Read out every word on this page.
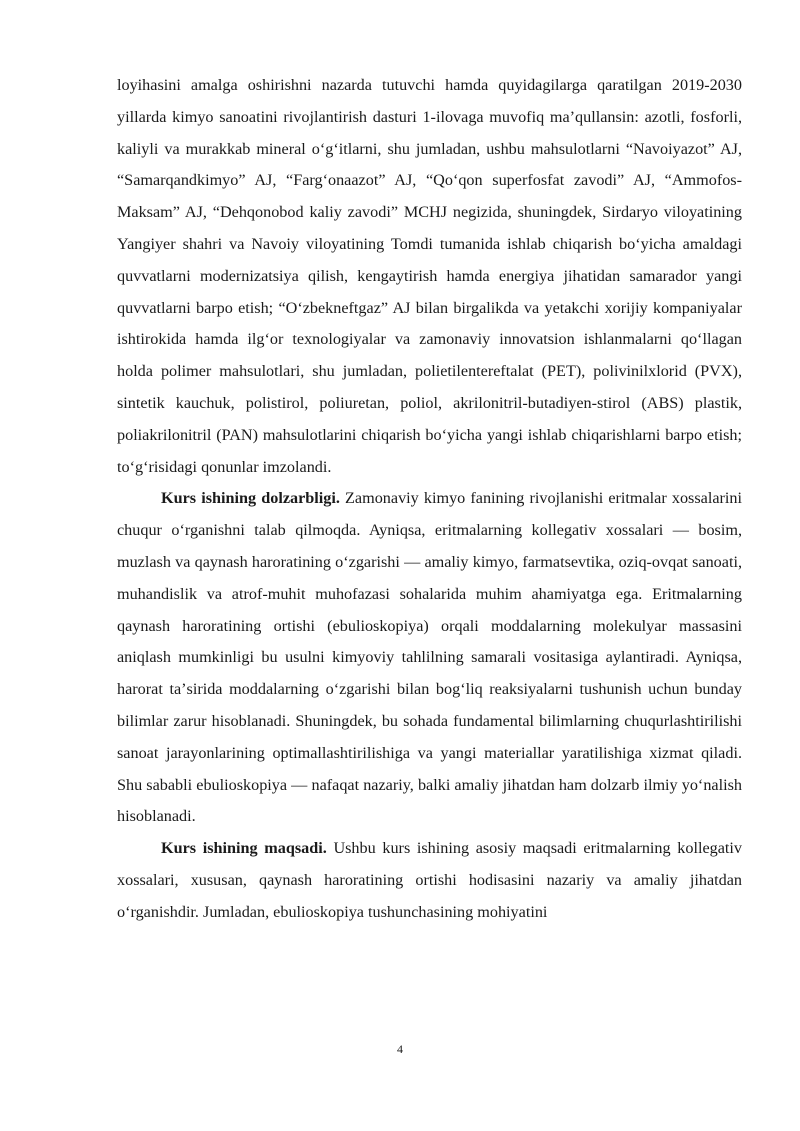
loyihasini amalga oshirishni nazarda tutuvchi hamda quyidagilarga qaratilgan 2019-2030 yillarda kimyo sanoatini rivojlantirish dasturi 1-ilovaga muvofiq maʼqullansin: azotli, fosforli, kaliyli va murakkab mineral oʻgʻitlarni, shu jumladan, ushbu mahsulotlarni “Navoiyazot” AJ, “Samarqandkimyo” AJ, “Fargʻonaazot” AJ, “Qoʻqon superfosfat zavodi” AJ, “Ammofos-Maksam” AJ, “Dehqonobod kaliy zavodi” MCHJ negizida, shuningdek, Sirdaryo viloyatining Yangiyer shahri va Navoiy viloyatining Tomdi tumanida ishlab chiqarish boʻyicha amaldagi quvvatlarni modernizatsiya qilish, kengaytirish hamda energiya jihatidan samarador yangi quvvatlarni barpo etish; “Oʻzbekneftgaz” AJ bilan birgalikda va yetakchi xorijiy kompaniyalar ishtirokida hamda ilgʻor texnologiyalar va zamonaviy innovatsion ishlanmalarni qoʻllagan holda polimer mahsulotlari, shu jumladan, polietilentereftalat (PET), polivinilxlorid (PVX), sintetik kauchuk, polistirol, poliuretan, poliol, akrilonitril-butadiyen-stirol (ABS) plastik, poliakrilonitril (PAN) mahsulotlarini chiqarish boʻyicha yangi ishlab chiqarishlarni barpo etish; toʻgʻrisidagi qonunlar imzolandi.

Kurs ishining dolzarbligi. Zamonaviy kimyo fanining rivojlanishi eritmalar xossalarini chuqur oʻrganishni talab qilmoqda. Ayniqsa, eritmalarning kollegativ xossalari — bosim, muzlash va qaynash haroratining oʻzgarishi — amaliy kimyo, farmatsevtika, oziq-ovqat sanoati, muhandislik va atrof-muhit muhofazasi sohalarida muhim ahamiyatga ega. Eritmalarning qaynash haroratining ortishi (ebulioskopiya) orqali moddalarning molekulyar massasini aniqlash mumkinligi bu usulni kimyoviy tahlilning samarali vositasiga aylantiradi. Ayniqsa, harorat taʼsirida moddalarning oʻzgarishi bilan bogʻliq reaksiyalarni tushunish uchun bunday bilimlar zarur hisoblanadi. Shuningdek, bu sohada fundamental bilimlarning chuqurlashtirilishi sanoat jarayonlarining optimallashtirilishiga va yangi materiallar yaratilishiga xizmat qiladi. Shu sababli ebulioskopiya — nafaqat nazariy, balki amaliy jihatdan ham dolzarb ilmiy yoʻnalish hisoblanadi.

Kurs ishining maqsadi. Ushbu kurs ishining asosiy maqsadi eritmalarning kollegativ xossalari, xususan, qaynash haroratining ortishi hodisasini nazariy va amaliy jihatdan oʻrganishdir. Jumladan, ebulioskopiya tushunchasining mohiyatini

4
